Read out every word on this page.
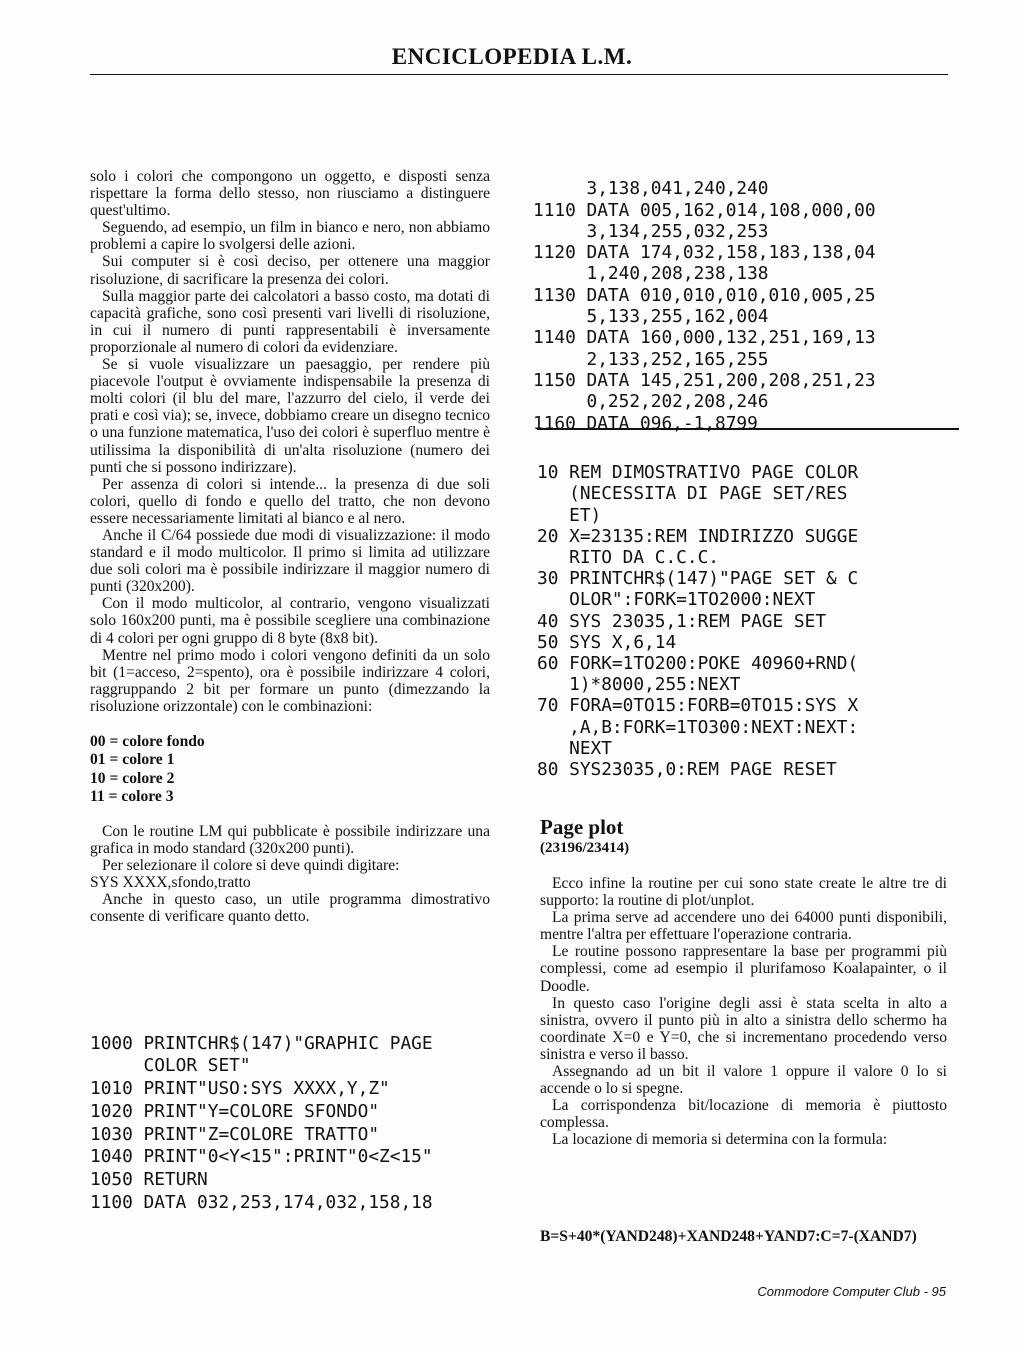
ENCICLOPEDIA L.M.

solo i colori che compongono un oggetto, e disposti senza rispettare la forma dello stesso, non riusciamo a distinguere quest'ultimo.

Seguendo, ad esempio, un film in bianco e nero, non abbiamo problemi a capire lo svolgersi delle azioni.

Sui computer si è così deciso, per ottenere una maggior risoluzione, di sacrificare la presenza dei colori.

Sulla maggior parte dei calcolatori a basso costo, ma dotati di capacità grafiche, sono così presenti vari livelli di risoluzione, in cui il numero di punti rappresentabili è inversamente proporzionale al numero di colori da evidenziare.

Se si vuole visualizzare un paesaggio, per rendere più piacevole l'output è ovviamente indispensabile la presenza di molti colori (il blu del mare, l'azzurro del cielo, il verde dei prati e così via); se, invece, dobbiamo creare un disegno tecnico o una funzione matematica, l'uso dei colori è superfluo mentre è utilissima la disponibilità di un'alta risoluzione (numero dei punti che si possono indirizzare).

Per assenza di colori si intende... la presenza di due soli colori, quello di fondo e quello del tratto, che non devono essere necessariamente limitati al bianco e al nero.

Anche il C/64 possiede due modi di visualizzazione: il modo standard e il modo multicolor. Il primo si limita ad utilizzare due soli colori ma è possibile indirizzare il maggior numero di punti (320x200).

Con il modo multicolor, al contrario, vengono visualizzati solo 160x200 punti, ma è possibile scegliere una combinazione di 4 colori per ogni gruppo di 8 byte (8x8 bit).

Mentre nel primo modo i colori vengono definiti da un solo bit (1=acceso, 2=spento), ora è possibile indirizzare 4 colori, raggruppando 2 bit per formare un punto (dimezzando la risoluzione orizzontale) con le combinazioni:

00 = colore fondo
01 = colore 1
10 = colore 2
11 = colore 3

Con le routine LM qui pubblicate è possibile indirizzare una grafica in modo standard (320x200 punti).

Per selezionare il colore si deve quindi digitare:

SYS XXXX,sfondo,tratto

Anche in questo caso, un utile programma dimostrativo consente di verificare quanto detto.

1000 PRINTCHR$(147)"GRAPHIC PAGE
COLOR SET"
1010 PRINT"USO:SYS XXXX,Y,Z"
1020 PRINT"Y=COLORE SFONDO"
1030 PRINT"Z=COLORE TRATTO"
1040 PRINT"0<Y<15":PRINT"0<Z<15"
1050 RETURN
1100 DATA 032,253,174,032,158,18

3,138,041,240,240
1110 DATA 005,162,014,108,000,00
3,134,255,032,253
1120 DATA 174,032,158,183,138,04
1,240,208,238,138
1130 DATA 010,010,010,010,005,25
5,133,255,162,004
1140 DATA 160,000,132,251,169,13
2,133,252,165,255
1150 DATA 145,251,200,208,251,23
0,252,202,208,246
1160 DATA 096,-1,8799

10 REM DIMOSTRATIVO PAGE COLOR
(NECESSITA DI PAGE SET/RES
ET)
20 X=23135:REM INDIRIZZO SUGGE
RITO DA C.C.C.
30 PRINTCHR$(147)"PAGE SET & C
OLOR":FORK=1TO2000:NEXT
40 SYS 23035,1:REM PAGE SET
50 SYS X,6,14
60 FORK=1TO200:POKE 40960+RND(
1)*8000,255:NEXT
70 FORA=0TO15:FORB=0TO15:SYS X
,A,B:FORK=1TO300:NEXT:NEXT:
NEXT
80 SYS23035,0:REM PAGE RESET

Page plot
(23196/23414)

Ecco infine la routine per cui sono state create le altre tre di supporto: la routine di plot/unplot.

La prima serve ad accendere uno dei 64000 punti disponibili, mentre l'altra per effettuare l'operazione contraria.

Le routine possono rappresentare la base per programmi più complessi, come ad esempio il plurifamoso Koalapainter, o il Doodle.

In questo caso l'origine degli assi è stata scelta in alto a sinistra, ovvero il punto più in alto a sinistra dello schermo ha coordinate X=0 e Y=0, che si incrementano procedendo verso sinistra e verso il basso.

Assegnando ad un bit il valore 1 oppure il valore 0 lo si accende o lo si spegne.

La corrispondenza bit/locazione di memoria è piuttosto complessa.

La locazione di memoria si determina con la formula:

B=S+40*(YAND248)+XAND248+YAND7:C=7-(XAND7)
Commodore Computer Club - 95
